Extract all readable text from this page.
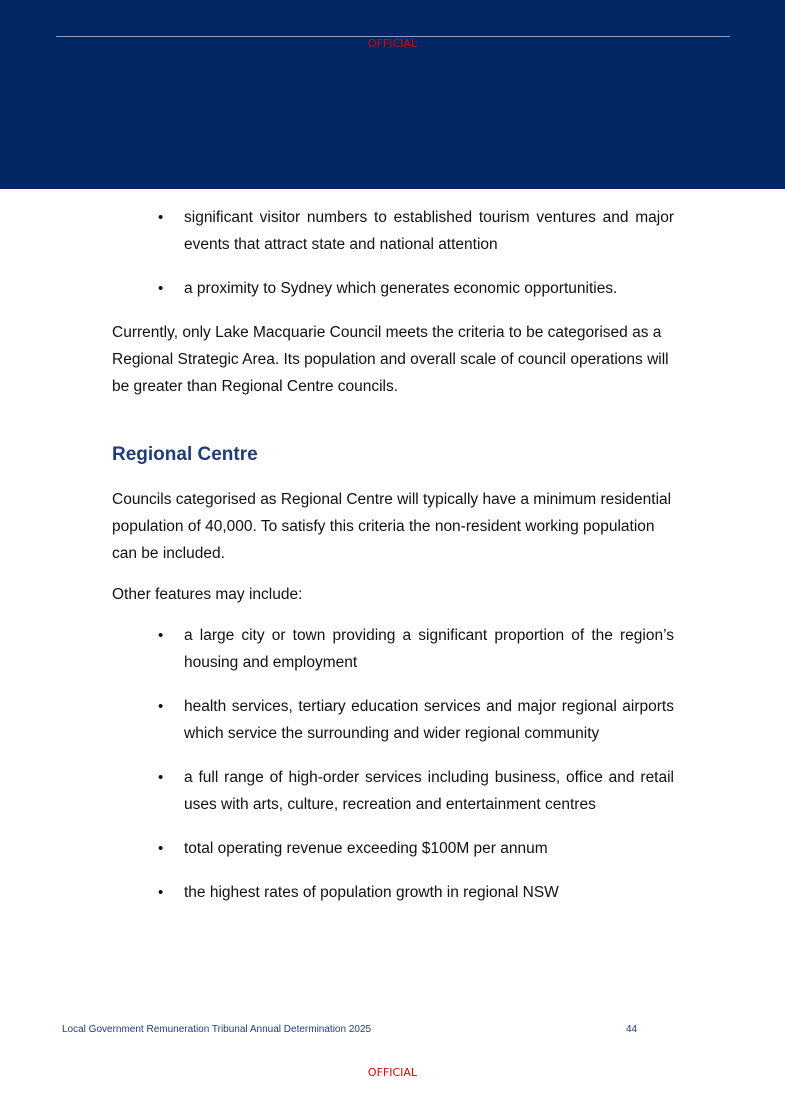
OFFICIAL
• significant visitor numbers to established tourism ventures and major events that attract state and national attention
• a proximity to Sydney which generates economic opportunities.

Currently, only Lake Macquarie Council meets the criteria to be categorised as a Regional Strategic Area. Its population and overall scale of council operations will be greater than Regional Centre councils.

Regional Centre

Councils categorised as Regional Centre will typically have a minimum residential population of 40,000. To satisfy this criteria the non-resident working population can be included.

Other features may include:

• a large city or town providing a significant proportion of the region’s housing and employment
• health services, tertiary education services and major regional airports which service the surrounding and wider regional community
• a full range of high-order services including business, office and retail uses with arts, culture, recreation and entertainment centres
• total operating revenue exceeding $100M per annum
• the highest rates of population growth in regional NSW
Local Government Remuneration Tribunal Annual Determination 2025	44
OFFICIAL
